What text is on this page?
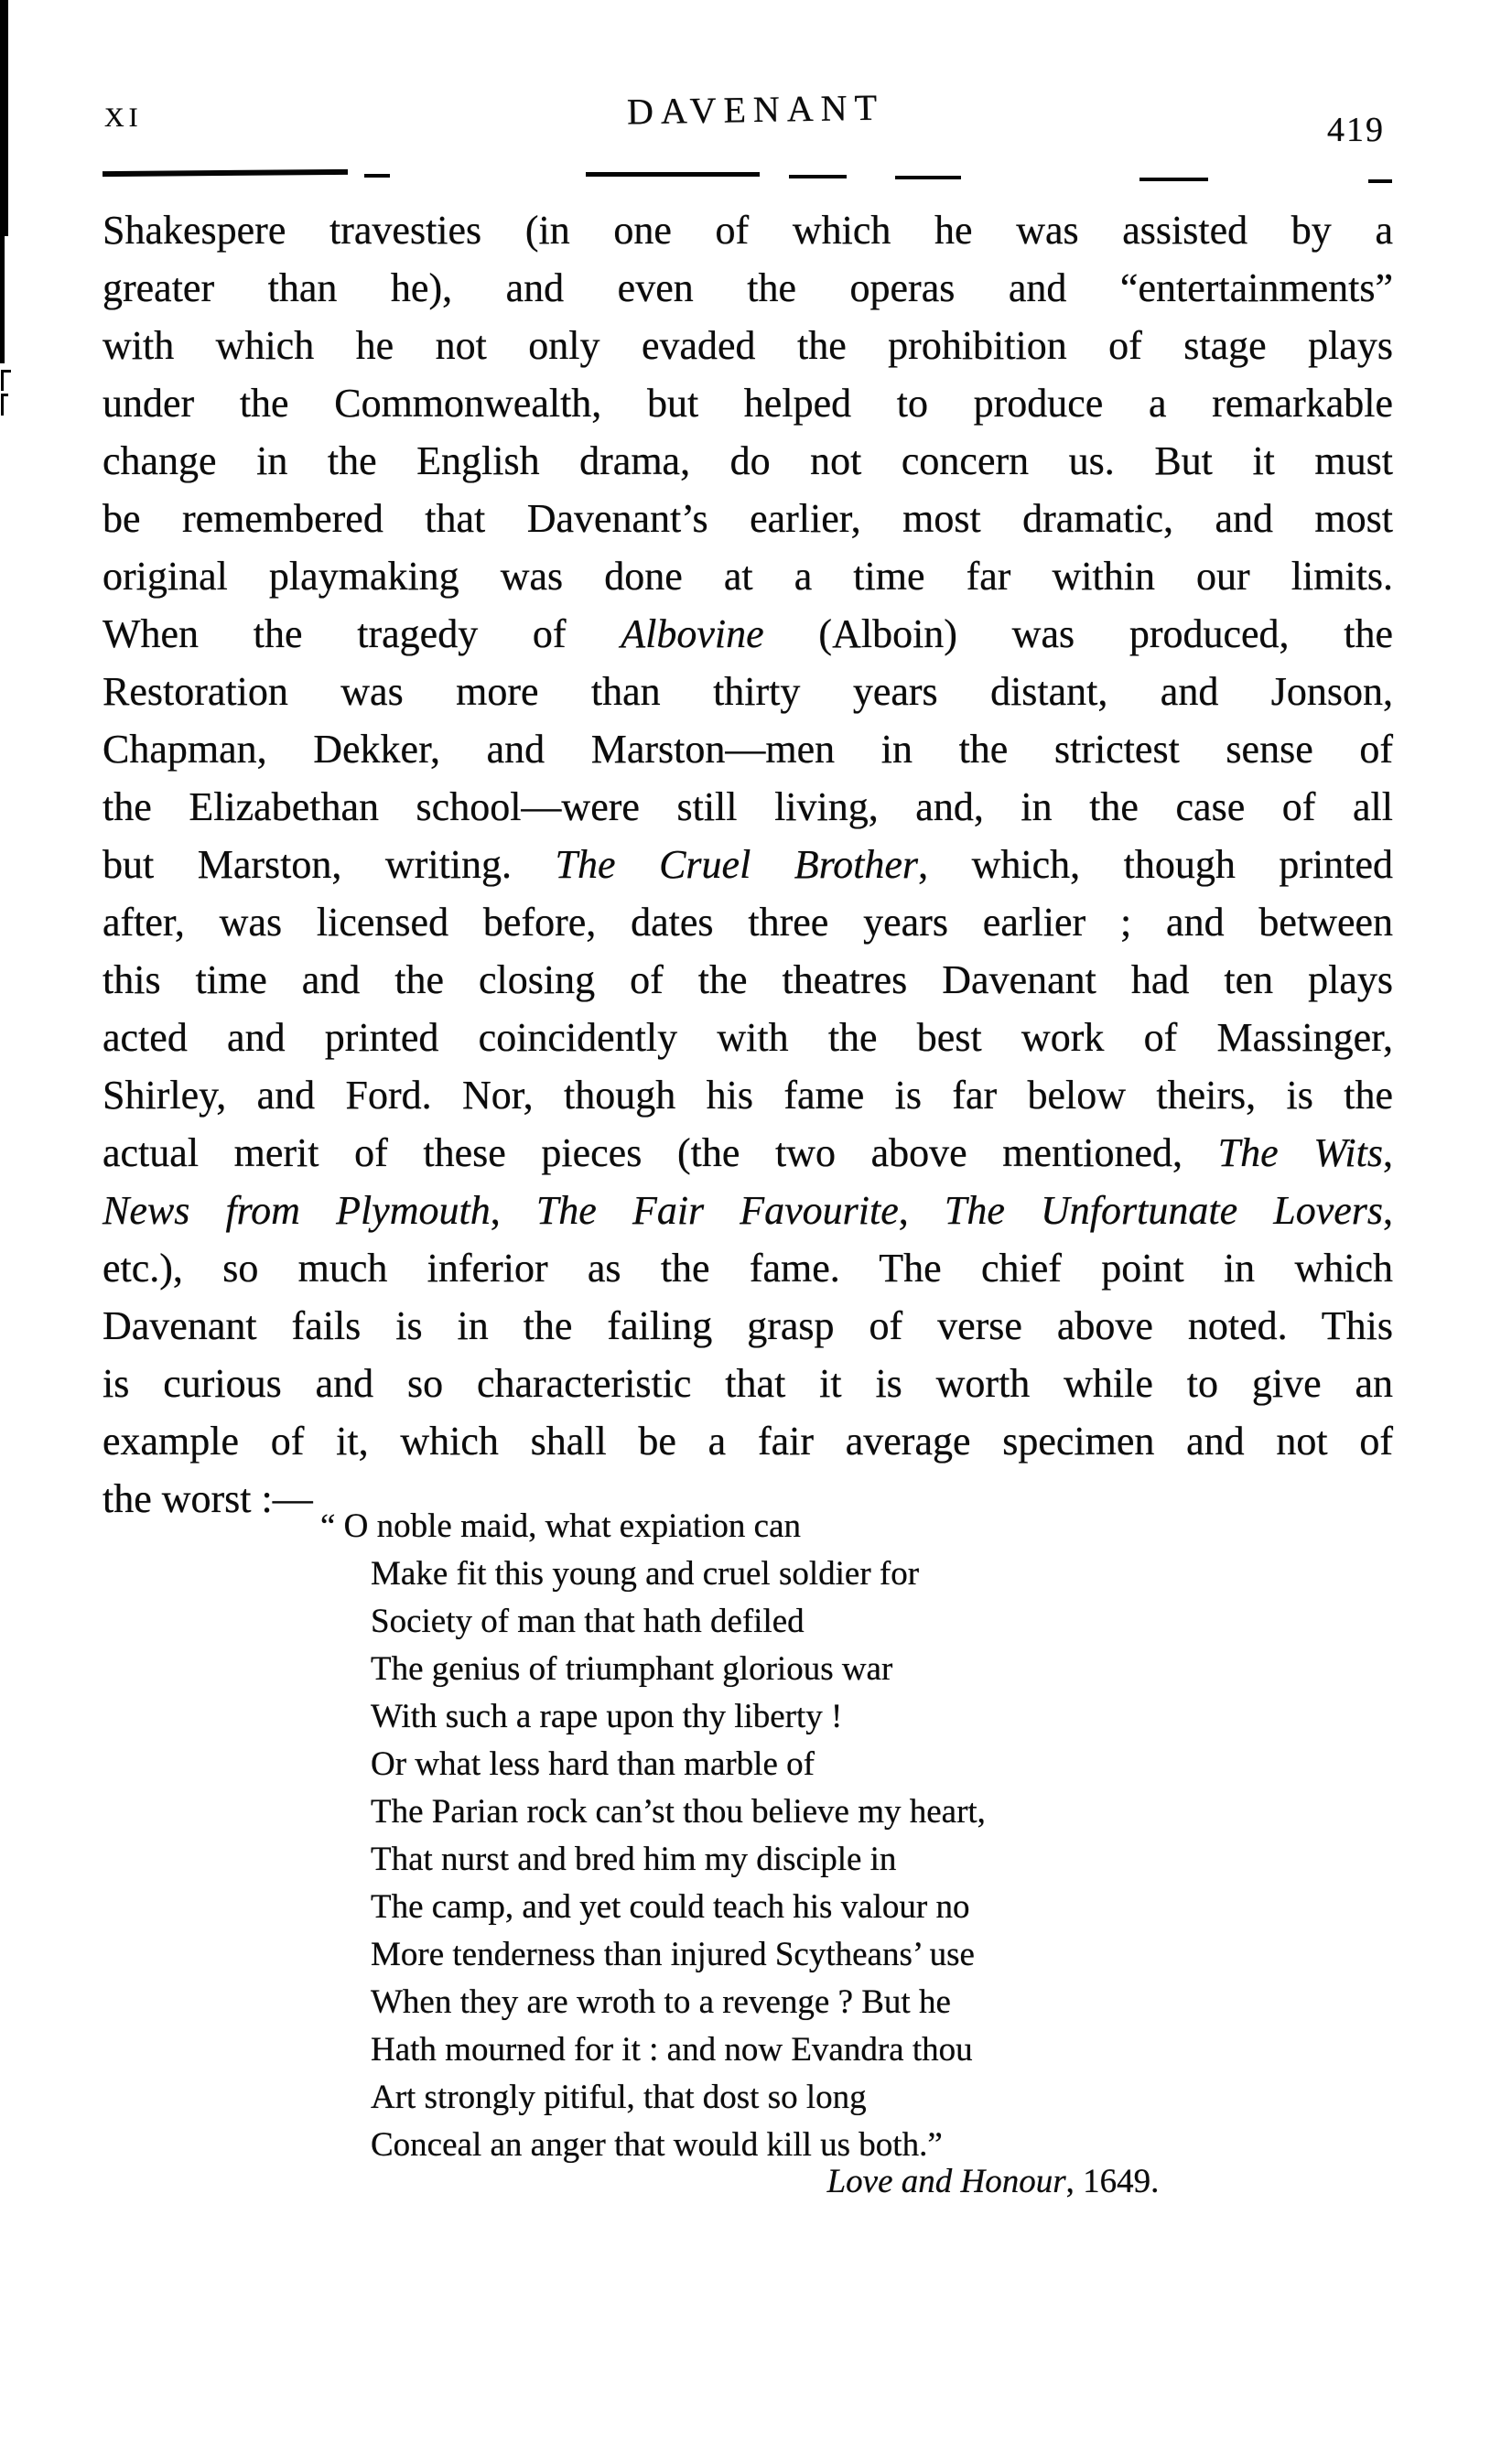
XI	DAVENANT	419
Shakespere travesties (in one of which he was assisted by a
greater than he), and even the operas and “entertainments”
with which he not only evaded the prohibition of stage plays
under the Commonwealth, but helped to produce a remarkable
change in the English drama, do not concern us. But it must
be remembered that Davenant’s earlier, most dramatic, and most
original playmaking was done at a time far within our limits.
When the tragedy of Albovine (Alboin) was produced, the
Restoration was more than thirty years distant, and Jonson,
Chapman, Dekker, and Marston—men in the strictest sense of
the Elizabethan school—were still living, and, in the case of all
but Marston, writing. The Cruel Brother, which, though printed
after, was licensed before, dates three years earlier ; and between
this time and the closing of the theatres Davenant had ten plays
acted and printed coincidently with the best work of Massinger,
Shirley, and Ford. Nor, though his fame is far below theirs, is the
actual merit of these pieces (the two above mentioned, The Wits,
News from Plymouth, The Fair Favourite, The Unfortunate Lovers,
etc.), so much inferior as the fame. The chief point in which
Davenant fails is in the failing grasp of verse above noted. This
is curious and so characteristic that it is worth while to give an
example of it, which shall be a fair average specimen and not of
the worst :—
“ O noble maid, what expiation can
Make fit this young and cruel soldier for
Society of man that hath defiled
The genius of triumphant glorious war
With such a rape upon thy liberty !
Or what less hard than marble of
The Parian rock can’st thou believe my heart,
That nurst and bred him my disciple in
The camp, and yet could teach his valour no
More tenderness than injured Scytheans’ use
When they are wroth to a revenge ? But he
Hath mourned for it : and now Evandra thou
Art strongly pitiful, that dost so long
Conceal an anger that would kill us both.”
Love and Honour, 1649.
